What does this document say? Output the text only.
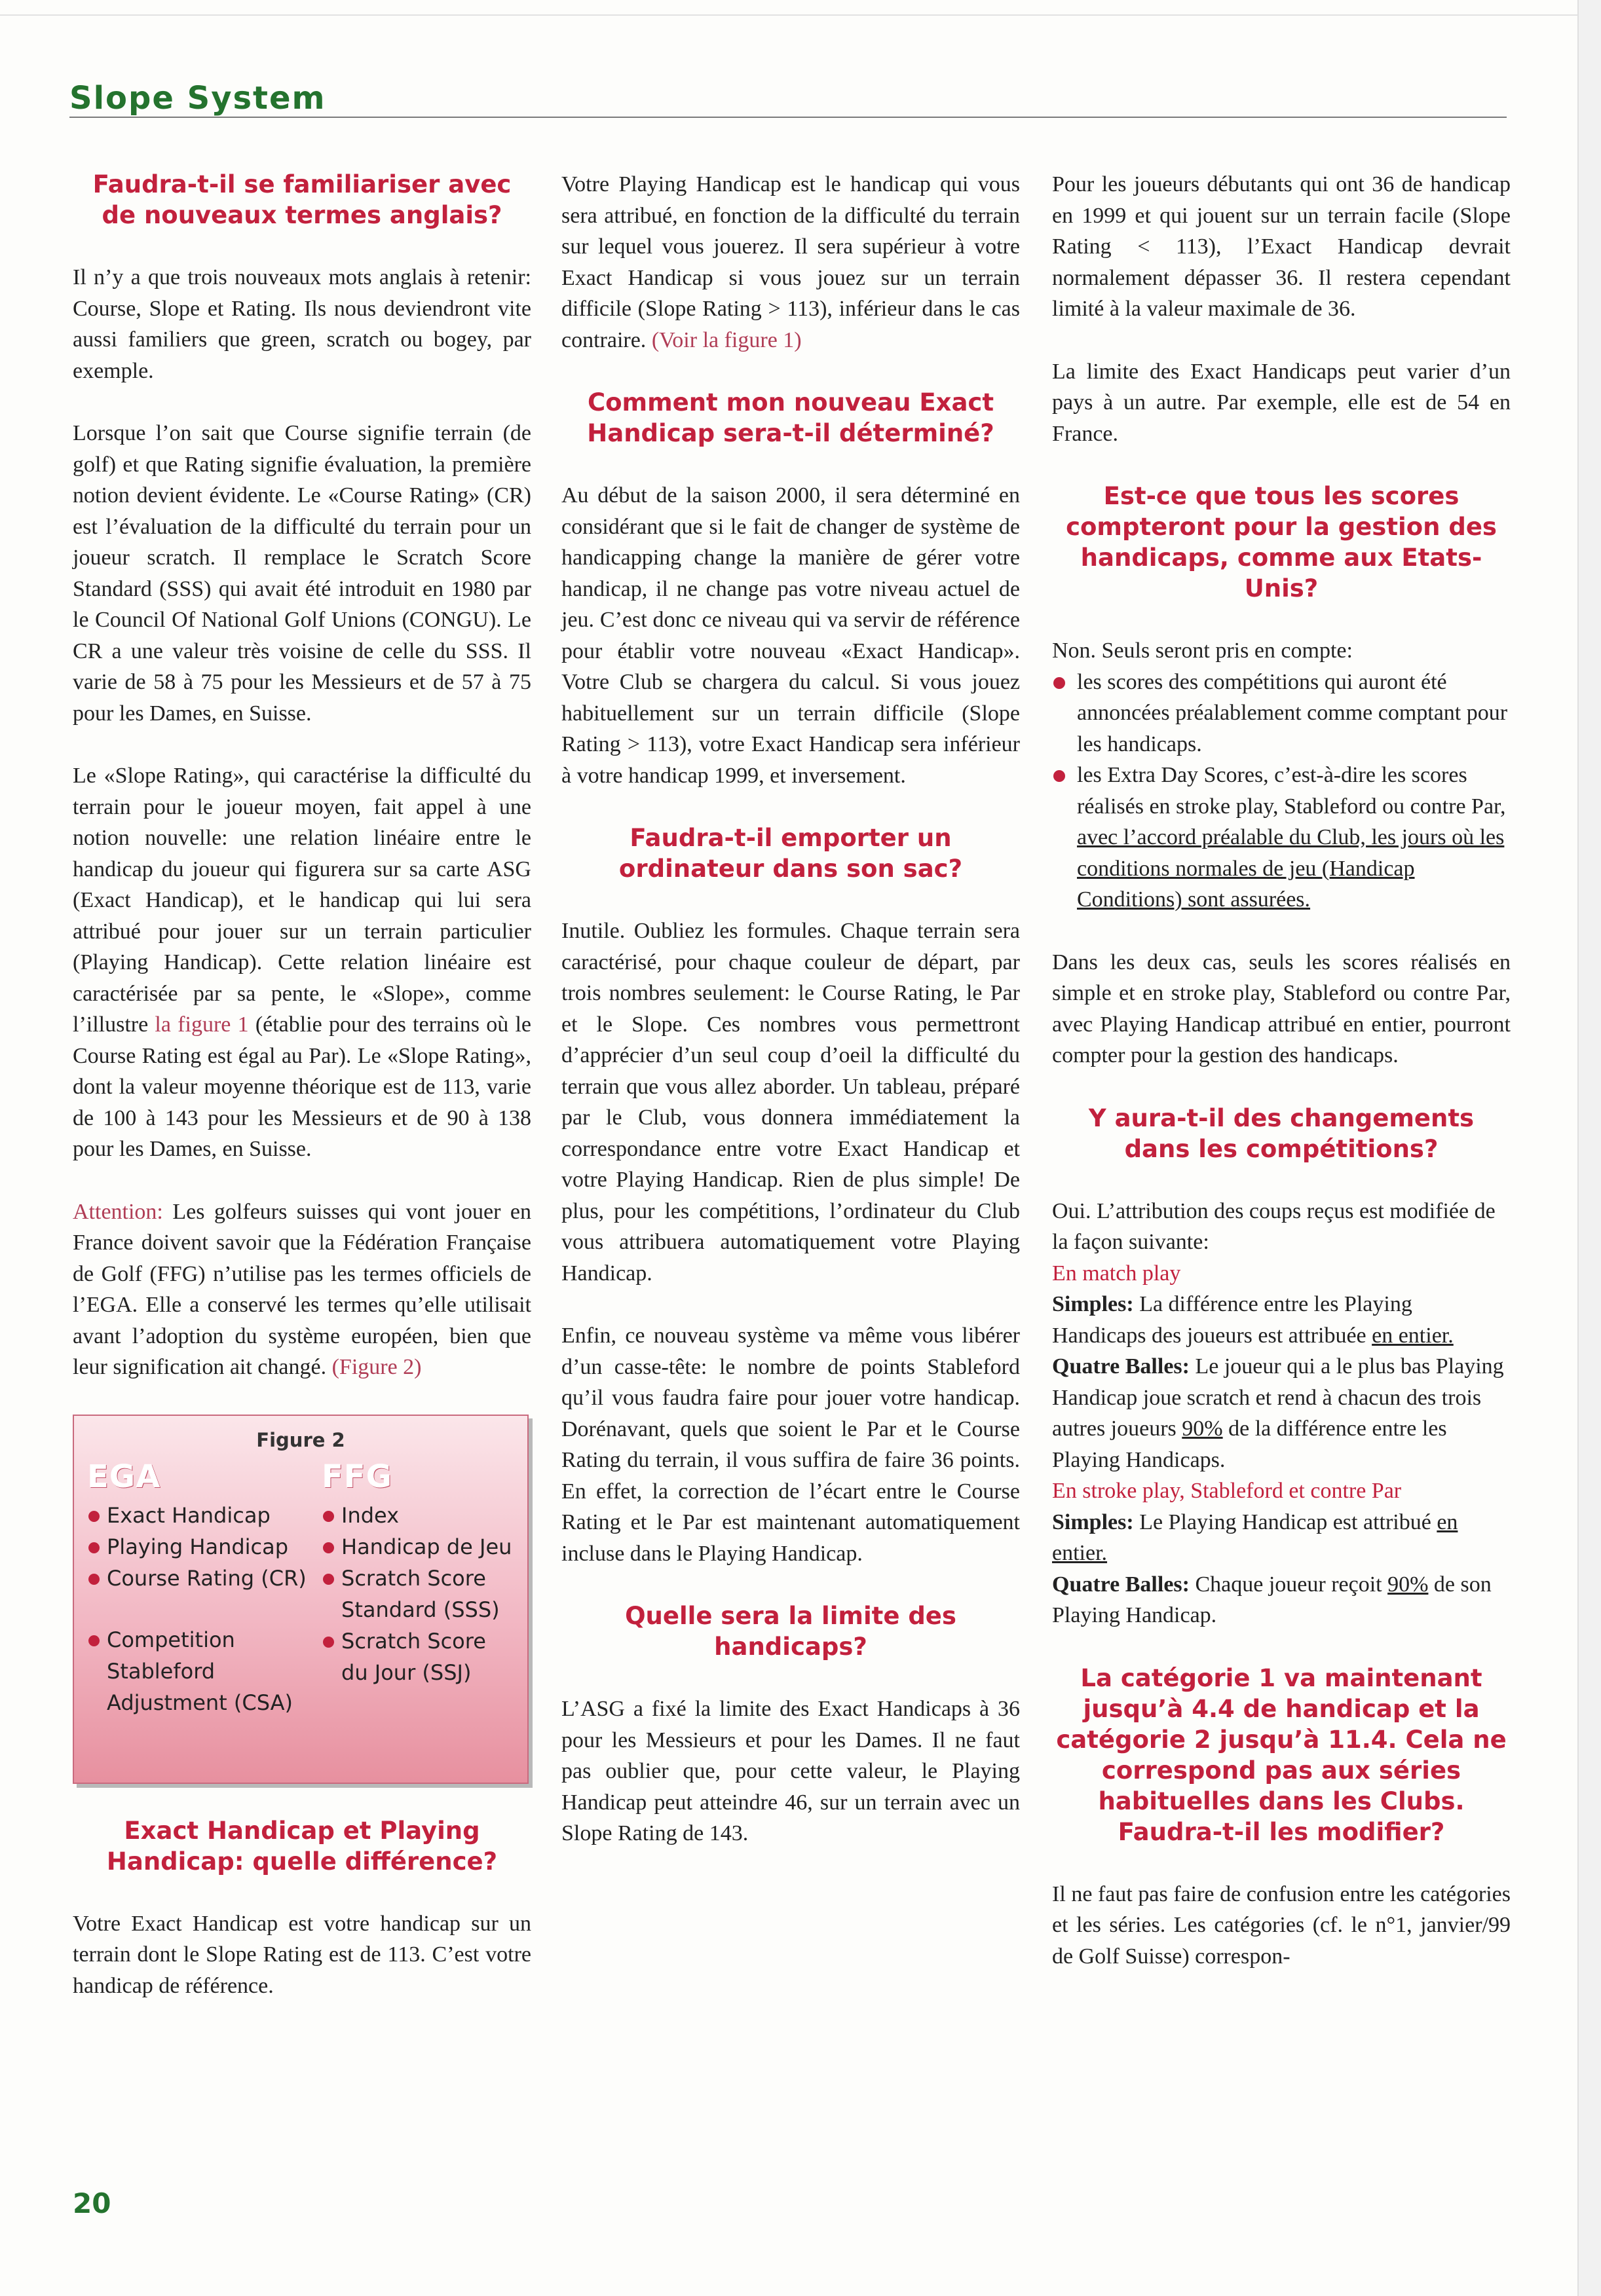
Slope System
Faudra-t-il se familiariser avec de nouveaux termes anglais?

Il n’y a que trois nouveaux mots anglais à retenir: Course, Slope et Rating. Ils nous deviendront vite aussi familiers que green, scratch ou bogey, par exemple.

Lorsque l’on sait que Course signifie terrain (de golf) et que Rating signifie évaluation, la première notion devient évidente. Le «Course Rating» (CR) est l’évaluation de la difficulté du terrain pour un joueur scratch. Il remplace le Scratch Score Standard (SSS) qui avait été introduit en 1980 par le Council Of National Golf Unions (CONGU). Le CR a une valeur très voisine de celle du SSS. Il varie de 58 à 75 pour les Messieurs et de 57 à 75 pour les Dames, en Suisse.

Le «Slope Rating», qui caractérise la difficulté du terrain pour le joueur moyen, fait appel à une notion nouvelle: une relation linéaire entre le handicap du joueur qui figurera sur sa carte ASG (Exact Handicap), et le handicap qui lui sera attribué pour jouer sur un terrain particulier (Playing Handicap). Cette relation linéaire est caractérisée par sa pente, le «Slope», comme l’illustre la figure 1 (établie pour des terrains où le Course Rating est égal au Par). Le «Slope Rating», dont la valeur moyenne théorique est de 113, varie de 100 à 143 pour les Messieurs et de 90 à 138 pour les Dames, en Suisse.

Attention: Les golfeurs suisses qui vont jouer en France doivent savoir que la Fédération Française de Golf (FFG) n’utilise pas les termes officiels de l’EGA. Elle a conservé les termes qu’elle utilisait avant l’adoption du système européen, bien que leur signification ait changé. (Figure 2)

Figure 2
EGA
Exact Handicap
Playing Handicap
Course Rating (CR)
Competition Stableford Adjustment (CSA)
FFG
Index
Handicap de Jeu
Scratch Score Standard (SSS)
Scratch Score du Jour (SSJ)
Exact Handicap et Playing Handicap: quelle différence?

Votre Exact Handicap est votre handicap sur un terrain dont le Slope Rating est de 113. C’est votre handicap de référence.

Votre Playing Handicap est le handicap qui vous sera attribué, en fonction de la difficulté du terrain sur lequel vous jouerez. Il sera supérieur à votre Exact Handicap si vous jouez sur un terrain difficile (Slope Rating > 113), inférieur dans le cas contraire. (Voir la figure 1)

Comment mon nouveau Exact Handicap sera-t-il déterminé?

Au début de la saison 2000, il sera déterminé en considérant que si le fait de changer de système de handicapping change la manière de gérer votre handicap, il ne change pas votre niveau actuel de jeu. C’est donc ce niveau qui va servir de référence pour établir votre nouveau «Exact Handicap». Votre Club se chargera du calcul. Si vous jouez habituellement sur un terrain difficile (Slope Rating > 113), votre Exact Handicap sera inférieur à votre handicap 1999, et inversement.

Faudra-t-il emporter un ordinateur dans son sac?

Inutile. Oubliez les formules. Chaque terrain sera caractérisé, pour chaque couleur de départ, par trois nombres seulement: le Course Rating, le Par et le Slope. Ces nombres vous permettront d’apprécier d’un seul coup d’oeil la difficulté du terrain que vous allez aborder. Un tableau, préparé par le Club, vous donnera immédiatement la correspondance entre votre Exact Handicap et votre Playing Handicap. Rien de plus simple! De plus, pour les compétitions, l’ordinateur du Club vous attribuera automatiquement votre Playing Handicap.

Enfin, ce nouveau système va même vous libérer d’un casse-tête: le nombre de points Stableford qu’il vous faudra faire pour jouer votre handicap. Dorénavant, quels que soient le Par et le Course Rating du terrain, il vous suffira de faire 36 points. En effet, la correction de l’écart entre le Course Rating et le Par est maintenant automatiquement incluse dans le Playing Handicap.

Quelle sera la limite des handicaps?

L’ASG a fixé la limite des Exact Handicaps à 36 pour les Messieurs et pour les Dames. Il ne faut pas oublier que, pour cette valeur, le Playing Handicap peut atteindre 46, sur un terrain avec un Slope Rating de 143.

Pour les joueurs débutants qui ont 36 de handicap en 1999 et qui jouent sur un terrain facile (Slope Rating < 113), l’Exact Handicap devrait normalement dépasser 36. Il restera cependant limité à la valeur maximale de 36.

La limite des Exact Handicaps peut varier d’un pays à un autre. Par exemple, elle est de 54 en France.

Est-ce que tous les scores compteront pour la gestion des handicaps, comme aux Etats-Unis?
Non. Seuls seront pris en compte:
les scores des compétitions qui auront été annoncées préalablement comme comptant pour les handicaps.
les Extra Day Scores, c’est-à-dire les scores réalisés en stroke play, Stableford ou contre Par, avec l’accord préalable du Club, les jours où les conditions normales de jeu (Handicap Conditions) sont assurées.

Dans les deux cas, seuls les scores réalisés en simple et en stroke play, Stableford ou contre Par, avec Playing Handicap attribué en entier, pourront compter pour la gestion des handicaps.

Y aura-t-il des changements dans les compétitions?
Oui. L’attribution des coups reçus est modifiée de la façon suivante:
En match play
Simples: La différence entre les Playing Handicaps des joueurs est attribuée en entier.
Quatre Balles: Le joueur qui a le plus bas Playing Handicap joue scratch et rend à chacun des trois autres joueurs 90% de la différence entre les Playing Handicaps.
En stroke play, Stableford et contre Par
Simples: Le Playing Handicap est attribué en entier.
Quatre Balles: Chaque joueur reçoit 90% de son Playing Handicap.
La catégorie 1 va maintenant jusqu’à 4.4 de handicap et la catégorie 2 jusqu’à 11.4. Cela ne correspond pas aux séries habituelles dans les Clubs. Faudra-t-il les modifier?

Il ne faut pas faire de confusion entre les catégories et les séries. Les catégories (cf. le n°1, janvier/99 de Golf Suisse) correspon-

20
